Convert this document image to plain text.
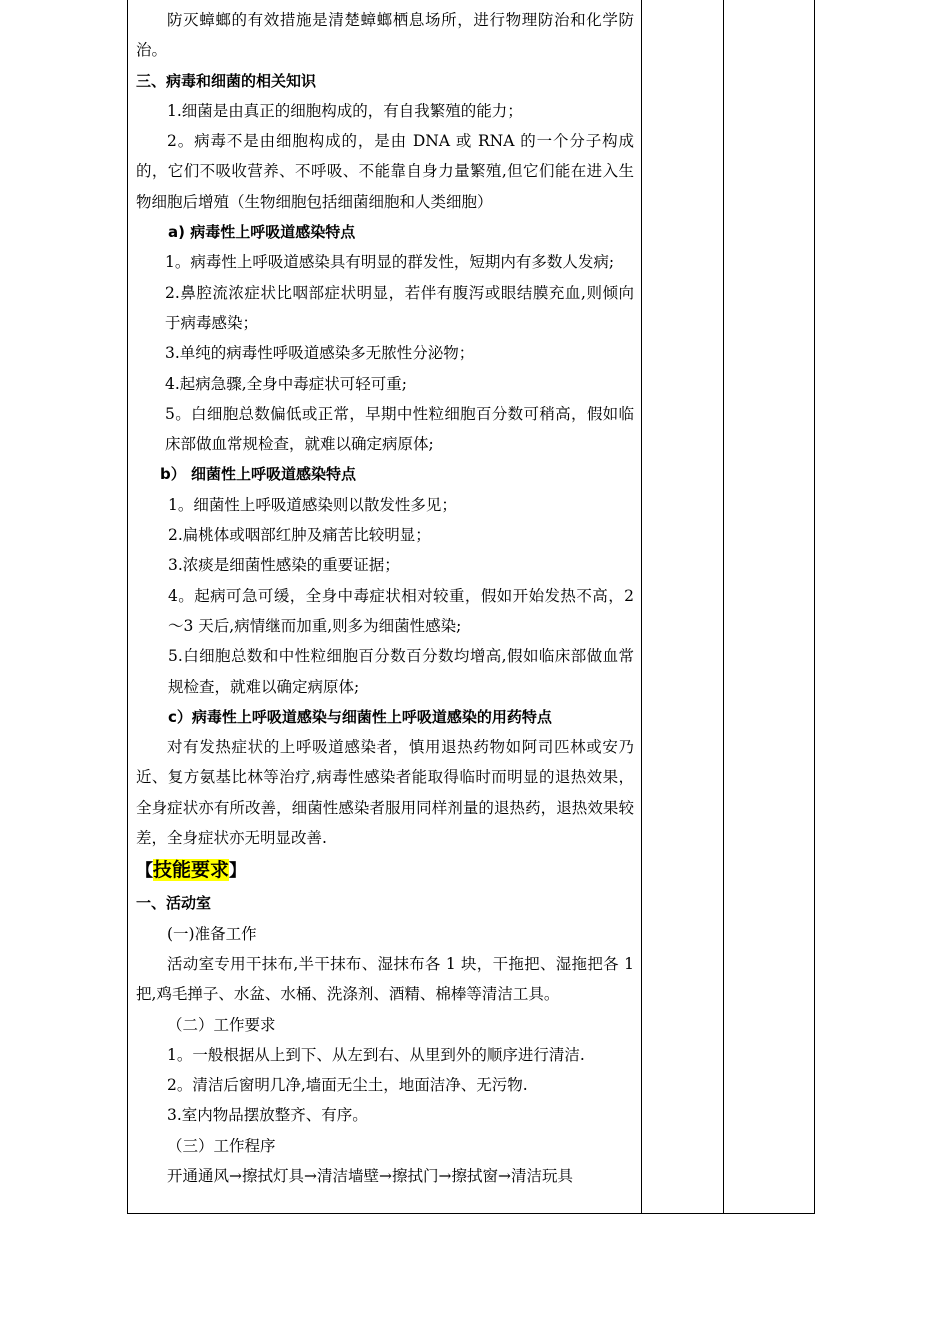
防灭蟑螂的有效措施是清楚蟑螂栖息场所，进行物理防治和化学防治。

三、病毒和细菌的相关知识

1.细菌是由真正的细胞构成的，有自我繁殖的能力；

2。病毒不是由细胞构成的，是由 DNA 或 RNA 的一个分子构成的，它们不吸收营养、不呼吸、不能靠自身力量繁殖,但它们能在进入生物细胞后增殖（生物细胞包括细菌细胞和人类细胞）

a) 病毒性上呼吸道感染特点

1。病毒性上呼吸道感染具有明显的群发性，短期内有多数人发病;

2.鼻腔流浓症状比咽部症状明显，若伴有腹泻或眼结膜充血,则倾向于病毒感染；

3.单纯的病毒性呼吸道感染多无脓性分泌物；

4.起病急骤,全身中毒症状可轻可重;

5。白细胞总数偏低或正常，早期中性粒细胞百分数可稍高，假如临床部做血常规检查，就难以确定病原体;

b） 细菌性上呼吸道感染特点

1。细菌性上呼吸道感染则以散发性多见；

2.扁桃体或咽部红肿及痛苦比较明显；

3.浓痰是细菌性感染的重要证据；

4。起病可急可缓，全身中毒症状相对较重，假如开始发热不高，2～3 天后,病情继而加重,则多为细菌性感染;

5.白细胞总数和中性粒细胞百分数百分数均增高,假如临床部做血常规检查，就难以确定病原体;

c）病毒性上呼吸道感染与细菌性上呼吸道感染的用药特点

对有发热症状的上呼吸道感染者，慎用退热药物如阿司匹林或安乃近、复方氨基比林等治疗,病毒性感染者能取得临时而明显的退热效果，全身症状亦有所改善，细菌性感染者服用同样剂量的退热药，退热效果较差，全身症状亦无明显改善.

【技能要求】

一、活动室

(一)准备工作

活动室专用干抹布,半干抹布、湿抹布各 1 块，干拖把、湿拖把各 1 把,鸡毛掸子、水盆、水桶、洗涤剂、酒精、棉棒等清洁工具。

（二）工作要求

1。一般根据从上到下、从左到右、从里到外的顺序进行清洁.

2。清洁后窗明几净,墙面无尘土，地面洁净、无污物.

3.室内物品摆放整齐、有序。

（三）工作程序

开通通风→擦拭灯具→清洁墙壁→擦拭门→擦拭窗→清洁玩具
